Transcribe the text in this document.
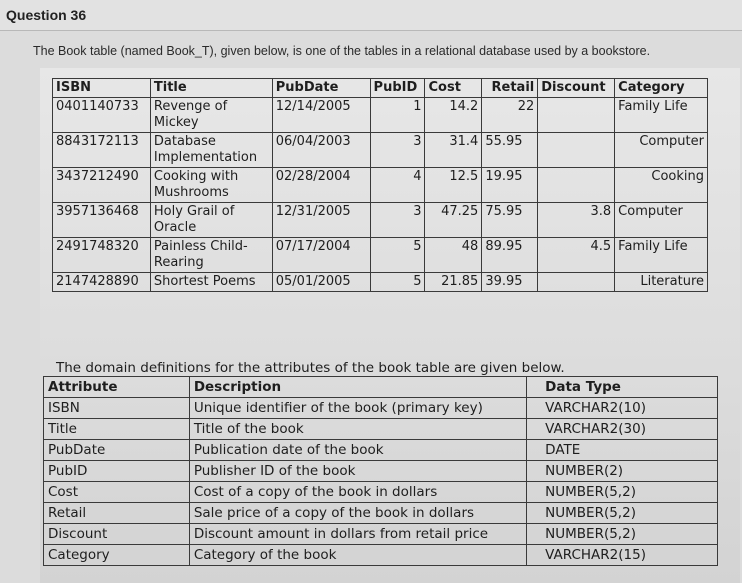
Question 36
The Book table (named Book_T), given below, is one of the tables in a relational database used by a bookstore.
ISBN	Title	PubDate	PubID	Cost	Retail	Discount	Category
0401140733	Revenge of Mickey	12/14/2005	1	14.2	22		Family Life
8843172113	Database Implementation	06/04/2003	3	31.4	55.95		Computer
3437212490	Cooking with Mushrooms	02/28/2004	4	12.5	19.95		Cooking
3957136468	Holy Grail of Oracle	12/31/2005	3	47.25	75.95	3.8	Computer
2491748320	Painless Child-Rearing	07/17/2004	5	48	89.95	4.5	Family Life
2147428890	Shortest Poems	05/01/2005	5	21.85	39.95		Literature
The domain definitions for the attributes of the book table are given below.
Attribute	Description	Data Type
ISBN	Unique identifier of the book (primary key)	VARCHAR2(10)
Title	Title of the book	VARCHAR2(30)
PubDate	Publication date of the book	DATE
PubID	Publisher ID of the book	NUMBER(2)
Cost	Cost of a copy of the book in dollars	NUMBER(5,2)
Retail	Sale price of a copy of the book in dollars	NUMBER(5,2)
Discount	Discount amount in dollars from retail price	NUMBER(5,2)
Category	Category of the book	VARCHAR2(15)
